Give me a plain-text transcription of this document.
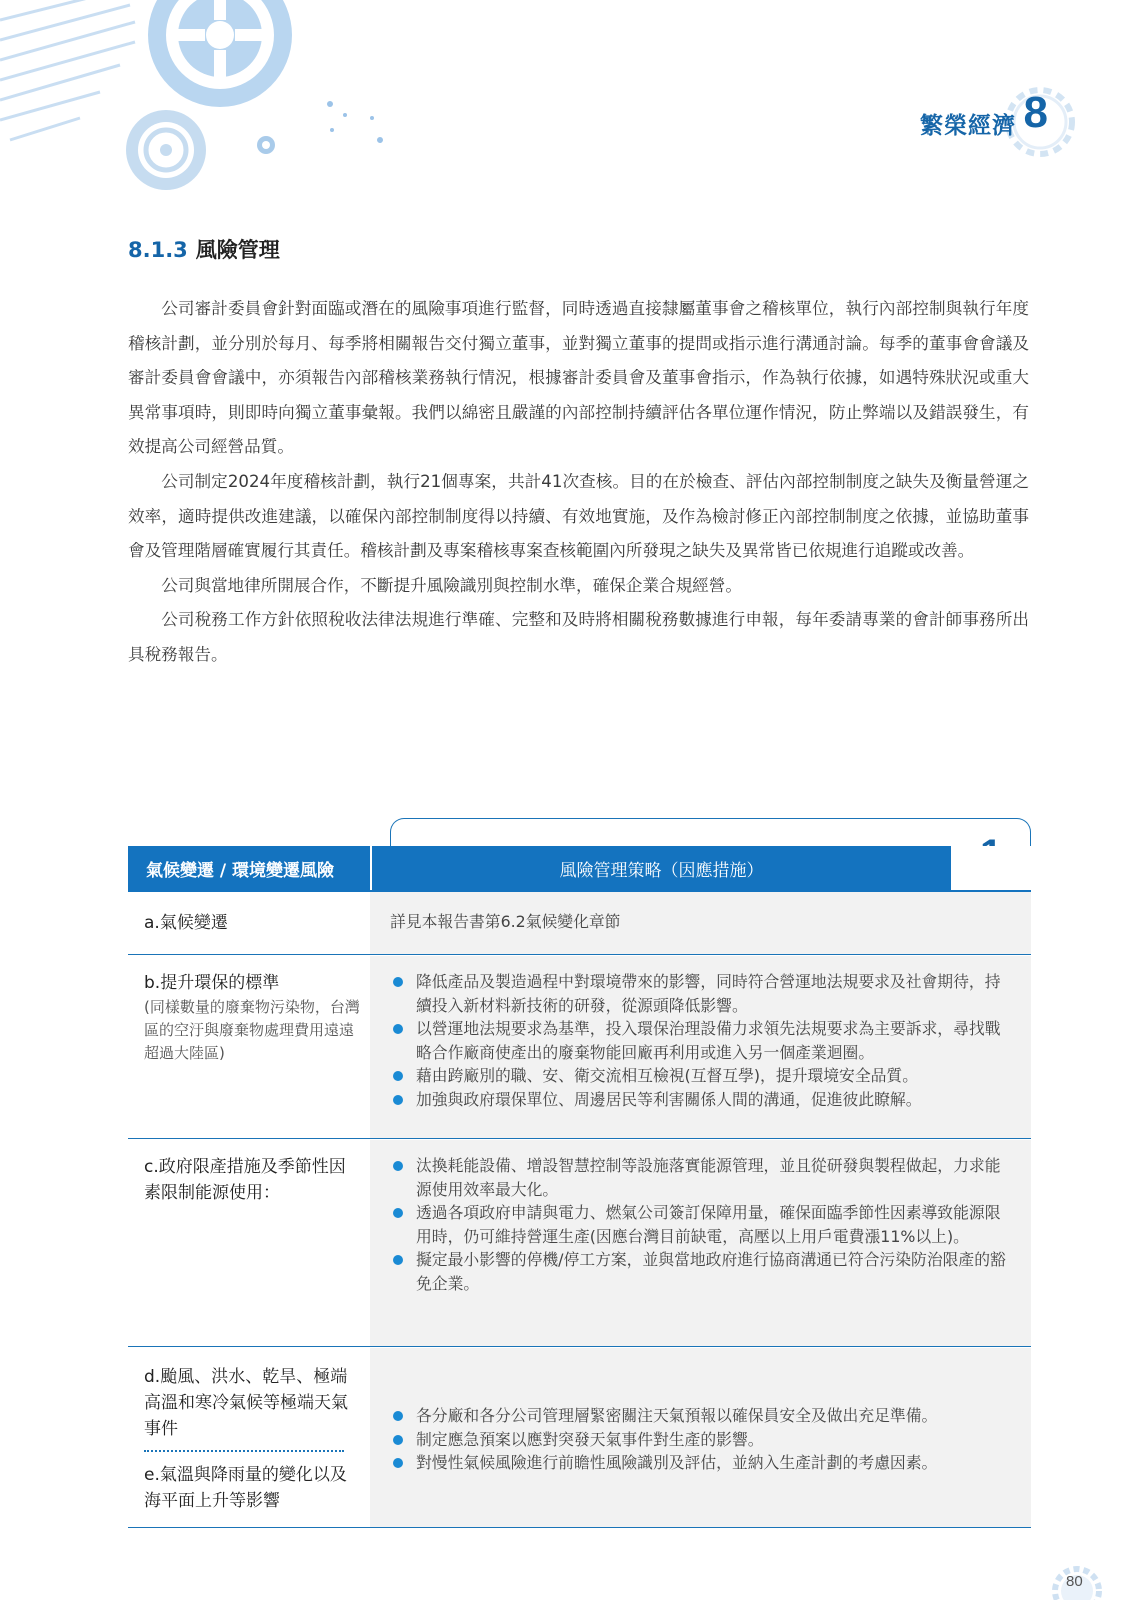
繁榮經濟 8
8.1.3 風險管理

公司審計委員會針對面臨或潛在的風險事項進行監督，同時透過直接隸屬董事會之稽核單位，執行內部控制與執行年度稽核計劃，並分別於每月、每季將相關報告交付獨立董事，並對獨立董事的提問或指示進行溝通討論。每季的董事會會議及審計委員會會議中，亦須報告內部稽核業務執行情況，根據審計委員會及董事會指示，作為執行依據，如遇特殊狀況或重大異常事項時，則即時向獨立董事彙報。我們以綿密且嚴謹的內部控制持續評估各單位運作情況，防止弊端以及錯誤發生，有效提高公司經營品質。

公司制定2024年度稽核計劃，執行21個專案，共計41次查核。目的在於檢查、評估內部控制制度之缺失及衡量營運之效率，適時提供改進建議，以確保內部控制制度得以持續、有效地實施，及作為檢討修正內部控制制度之依據，並協助董事會及管理階層確實履行其責任。稽核計劃及專案稽核專案查核範圍內所發現之缺失及異常皆已依規進行追蹤或改善。

公司與當地律所開展合作，不斷提升風險識別與控制水準，確保企業合規經營。

公司稅務工作方針依照稅收法律法規進行準確、完整和及時將相關稅務數據進行申報，每年委請專業的會計師事務所出具稅務報告。

氣候變遷 / 環境變遷風險	風險管理策略（因應措施）
a.氣候變遷	詳見本報告書第6.2氣候變化章節
b.提升環保的標準
(同樣數量的廢棄物污染物，台灣區的空汙與廢棄物處理費用遠遠超過大陸區)
降低產品及製造過程中對環境帶來的影響，同時符合營運地法規要求及社會期待，持續投入新材料新技術的研發，從源頭降低影響。
以營運地法規要求為基準，投入環保治理設備力求領先法規要求為主要訴求，尋找戰略合作廠商使產出的廢棄物能回廠再利用或進入另一個產業迴圈。
藉由跨廠別的職、安、衛交流相互檢視(互督互學)，提升環境安全品質。
加強與政府環保單位、周邊居民等利害關係人間的溝通，促進彼此瞭解。
c.政府限產措施及季節性因素限制能源使用：
汰換耗能設備、增設智慧控制等設施落實能源管理，並且從研發與製程做起，力求能源使用效率最大化。
透過各項政府申請與電力、燃氣公司簽訂保障用量，確保面臨季節性因素導致能源限用時，仍可維持營運生產(因應台灣目前缺電，高壓以上用戶電費漲11%以上)。
擬定最小影響的停機/停工方案，並與當地政府進行協商溝通已符合污染防治限產的豁免企業。
d.颱風、洪水、乾旱、極端高溫和寒冷氣候等極端天氣事件
e.氣溫與降雨量的變化以及海平面上升等影響
各分廠和各分公司管理層緊密關注天氣預報以確保員安全及做出充足準備。
制定應急預案以應對突發天氣事件對生產的影響。
對慢性氣候風險進行前瞻性風險識別及評估，並納入生產計劃的考慮因素。
80
